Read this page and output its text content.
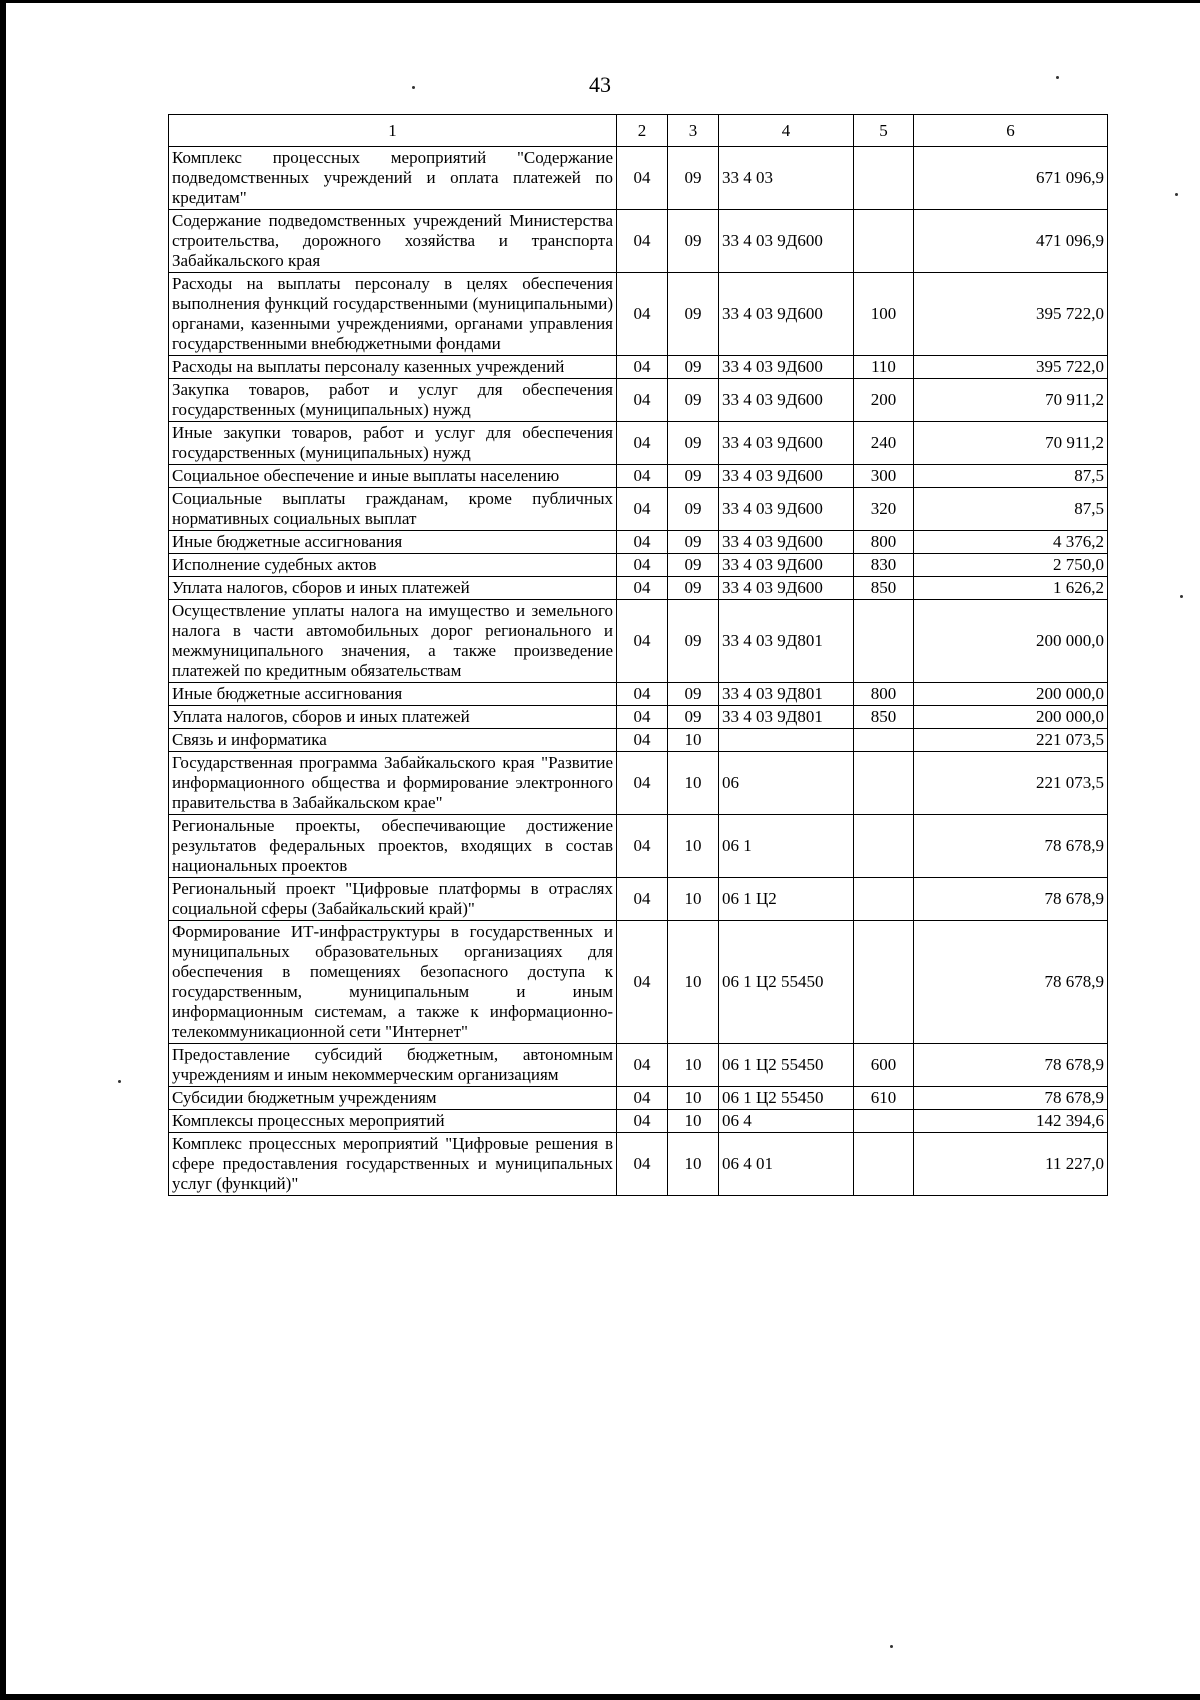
43
1	2	3	4	5	6
Комплекс процессных мероприятий "Содержание подведомственных учреждений и оплата платежей по кредитам"	04	09	33 4 03		671 096,9
Содержание подведомственных учреждений Министерства строительства, дорожного хозяйства и транспорта Забайкальского края	04	09	33 4 03 9Д600		471 096,9
Расходы на выплаты персоналу в целях обеспечения выполнения функций государственными (муниципальными) органами, казенными учреждениями, органами управления государственными внебюджетными фондами	04	09	33 4 03 9Д600	100	395 722,0
Расходы на выплаты персоналу казенных учреждений	04	09	33 4 03 9Д600	110	395 722,0
Закупка товаров, работ и услуг для обеспечения государственных (муниципальных) нужд	04	09	33 4 03 9Д600	200	70 911,2
Иные закупки товаров, работ и услуг для обеспечения государственных (муниципальных) нужд	04	09	33 4 03 9Д600	240	70 911,2
Социальное обеспечение и иные выплаты населению	04	09	33 4 03 9Д600	300	87,5
Социальные выплаты гражданам, кроме публичных нормативных социальных выплат	04	09	33 4 03 9Д600	320	87,5
Иные бюджетные ассигнования	04	09	33 4 03 9Д600	800	4 376,2
Исполнение судебных актов	04	09	33 4 03 9Д600	830	2 750,0
Уплата налогов, сборов и иных платежей	04	09	33 4 03 9Д600	850	1 626,2
Осуществление уплаты налога на имущество и земельного налога в части автомобильных дорог регионального и межмуниципального значения, а также произведение платежей по кредитным обязательствам	04	09	33 4 03 9Д801		200 000,0
Иные бюджетные ассигнования	04	09	33 4 03 9Д801	800	200 000,0
Уплата налогов, сборов и иных платежей	04	09	33 4 03 9Д801	850	200 000,0
Связь и информатика	04	10			221 073,5
Государственная программа Забайкальского края "Развитие информационного общества и формирование электронного правительства в Забайкальском крае"	04	10	06		221 073,5
Региональные проекты, обеспечивающие достижение результатов федеральных проектов, входящих в состав национальных проектов	04	10	06 1		78 678,9
Региональный проект "Цифровые платформы в отраслях социальной сферы (Забайкальский край)"	04	10	06 1 Ц2		78 678,9
Формирование ИТ-инфраструктуры в государственных и муниципальных образовательных организациях для обеспечения в помещениях безопасного доступа к государственным, муниципальным и иным информационным системам, а также к информационно-телекоммуникационной сети "Интернет"	04	10	06 1 Ц2 55450		78 678,9
Предоставление субсидий бюджетным, автономным учреждениям и иным некоммерческим организациям	04	10	06 1 Ц2 55450	600	78 678,9
Субсидии бюджетным учреждениям	04	10	06 1 Ц2 55450	610	78 678,9
Комплексы процессных мероприятий	04	10	06 4		142 394,6
Комплекс процессных мероприятий "Цифровые решения в сфере предоставления государственных и муниципальных услуг (функций)"	04	10	06 4 01		11 227,0
